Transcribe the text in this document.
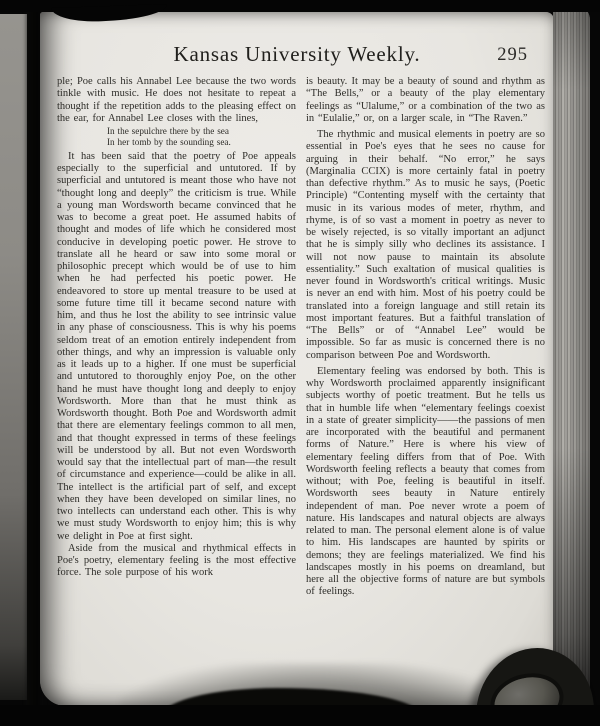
Kansas University Weekly.	295

ple; Poe calls his Annabel Lee because the two words tinkle with music. He does not hesitate to repeat a thought if the repetition adds to the pleasing effect on the ear, for Annabel Lee closes with the lines,

In the sepulchre there by the sea
In her tomb by the sounding sea.

It has been said that the poetry of Poe appeals especially to the superficial and untutored. If by superficial and untutored is meant those who have not “thought long and deeply” the criticism is true. While a young man Wordsworth became convinced that he was to become a great poet. He assumed habits of thought and modes of life which he considered most conducive in developing poetic power. He strove to translate all he heard or saw into some moral or philosophic precept which would be of use to him when he had perfected his poetic power. He endeavored to store up mental treasure to be used at some future time till it became second nature with him, and thus he lost the ability to see intrinsic value in any phase of consciousness. This is why his poems seldom treat of an emotion entirely independent from other things, and why an impression is valuable only as it leads up to a higher. If one must be superficial and untutored to thoroughly enjoy Poe, on the other hand he must have thought long and deeply to enjoy Wordsworth. More than that he must think as Wordsworth thought. Both Poe and Wordsworth admit that there are elementary feelings common to all men, and that thought expressed in terms of these feelings will be understood by all. But not even Wordsworth would say that the intellectual part of man—the result of circumstance and experience—could be alike in all. The intellect is the artificial part of self, and except when they have been developed on similar lines, no two intellects can understand each other. This is why we must study Wordsworth to enjoy him; this is why we delight in Poe at first sight.

Aside from the musical and rhythmical effects in Poe's poetry, elementary feeling is the most effective force. The sole purpose of his work

is beauty. It may be a beauty of sound and rhythm as “The Bells,” or a beauty of the play elementary feelings as “Ulalume,” or a combination of the two as in “Eulalie,” or, on a larger scale, in “The Raven.”

The rhythmic and musical elements in poetry are so essential in Poe's eyes that he sees no cause for arguing in their behalf. “No error,” he says (Marginalia CCIX) is more certainly fatal in poetry than defective rhythm.” As to music he says, (Poetic Principle) “Contenting myself with the certainty that music in its various modes of meter, rhythm, and rhyme, is of so vast a moment in poetry as never to be wisely rejected, is so vitally important an adjunct that he is simply silly who declines its assistance. I will not now pause to maintain its absolute essentiality.” Such exaltation of musical qualities is never found in Wordsworth's critical writings. Music is never an end with him. Most of his poetry could be translated into a foreign language and still retain its most important features. But a faithful translation of “The Bells” or of “Annabel Lee” would be impossible. So far as music is concerned there is no comparison between Poe and Wordsworth.

Elementary feeling was endorsed by both. This is why Wordsworth proclaimed apparently insignificant subjects worthy of poetic treatment. But he tells us that in humble life when “elementary feelings coexist in a state of greater simplicity——the passions of men are incorporated with the beautiful and permanent forms of Nature.” Here is where his view of elementary feeling differs from that of Poe. With Wordsworth feeling reflects a beauty that comes from without; with Poe, feeling is beautiful in itself. Wordsworth sees beauty in Nature entirely independent of man. Poe never wrote a poem of nature. His landscapes and natural objects are always related to man. The personal element alone is of value to him. His landscapes are haunted by spirits or demons; they are feelings materialized. We find his landscapes mostly in his poems on dreamland, but here all the objective forms of nature are but symbols of feelings.
